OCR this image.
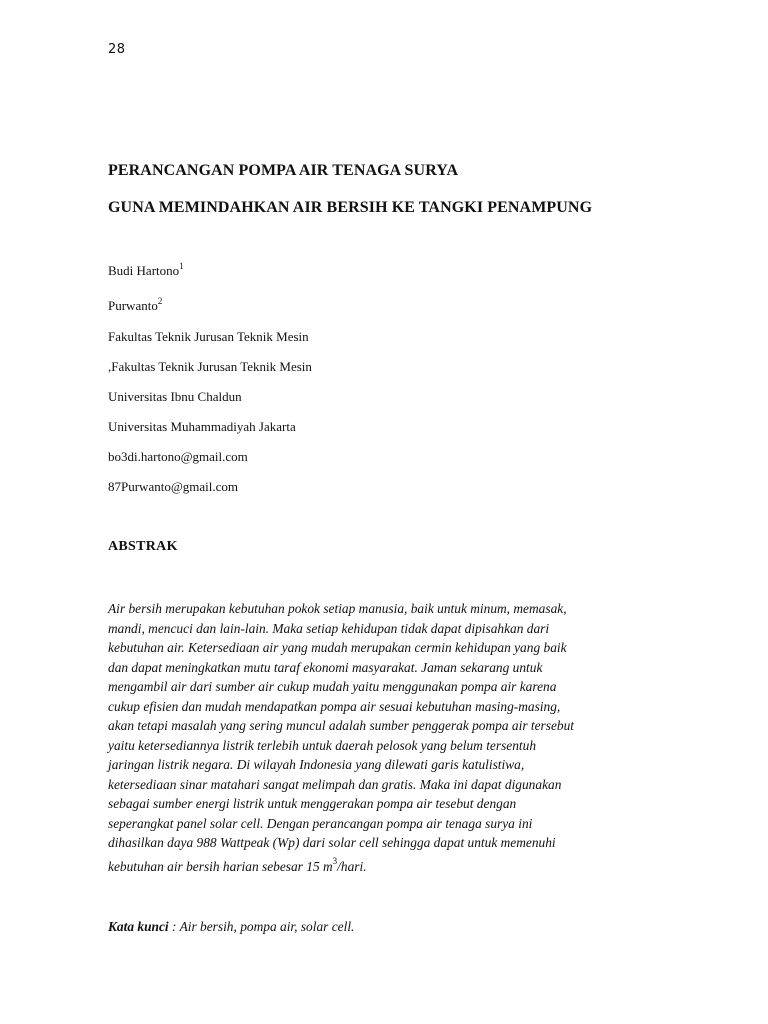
28
PERANCANGAN POMPA AIR TENAGA SURYA
GUNA MEMINDAHKAN AIR BERSIH KE TANGKI PENAMPUNG
Budi Hartono$^1$
Purwanto$^2$
Fakultas Teknik Jurusan Teknik Mesin
,Fakultas Teknik Jurusan Teknik Mesin
Universitas Ibnu Chaldun
Universitas Muhammadiyah Jakarta
bo3di.hartono@gmail.com
87Purwanto@gmail.com
ABSTRAK
Air bersih merupakan kebutuhan pokok setiap manusia, baik untuk minum, memasak,
mandi, mencuci dan lain-lain. Maka setiap kehidupan tidak dapat dipisahkan dari
kebutuhan air. Ketersediaan air yang mudah merupakan cermin kehidupan yang baik
dan dapat meningkatkan mutu taraf ekonomi masyarakat. Jaman sekarang untuk
mengambil air dari sumber air cukup mudah yaitu menggunakan pompa air karena
cukup efisien dan mudah mendapatkan pompa air sesuai kebutuhan masing-masing,
akan tetapi masalah yang sering muncul adalah sumber penggerak pompa air tersebut
yaitu ketersediannya listrik terlebih untuk daerah pelosok yang belum tersentuh
jaringan listrik negara. Di wilayah Indonesia yang dilewati garis katulistiwa,
ketersediaan sinar matahari sangat melimpah dan gratis. Maka ini dapat digunakan
sebagai sumber energi listrik untuk menggerakan pompa air tesebut dengan
seperangkat panel solar cell. Dengan perancangan pompa air tenaga surya ini
dihasilkan daya 988 Wattpeak (Wp) dari solar cell sehingga dapat untuk memenuhi
kebutuhan air bersih harian sebesar 15 $m^3$/hari.
Kata kunci : Air bersih, pompa air, solar cell.
